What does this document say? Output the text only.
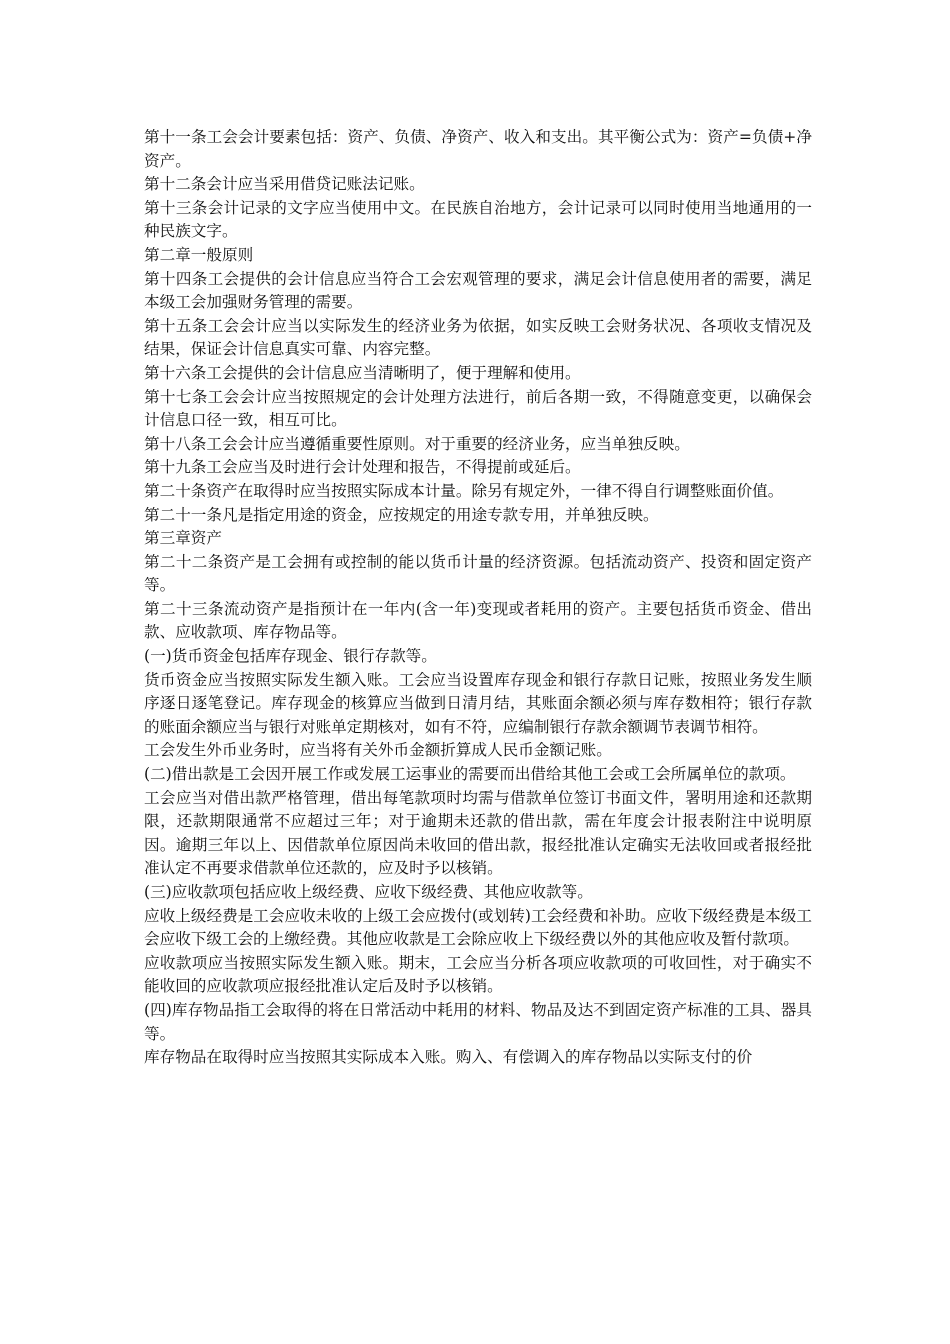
第十一条工会会计要素包括：资产、负债、净资产、收入和支出。其平衡公式为：资产=负债+净资产。

第十二条会计应当采用借贷记账法记账。

第十三条会计记录的文字应当使用中文。在民族自治地方，会计记录可以同时使用当地通用的一种民族文字。

第二章一般原则

第十四条工会提供的会计信息应当符合工会宏观管理的要求，满足会计信息使用者的需要，满足本级工会加强财务管理的需要。

第十五条工会会计应当以实际发生的经济业务为依据，如实反映工会财务状况、各项收支情况及结果，保证会计信息真实可靠、内容完整。

第十六条工会提供的会计信息应当清晰明了，便于理解和使用。

第十七条工会会计应当按照规定的会计处理方法进行，前后各期一致，不得随意变更，以确保会计信息口径一致，相互可比。

第十八条工会会计应当遵循重要性原则。对于重要的经济业务，应当单独反映。

第十九条工会应当及时进行会计处理和报告，不得提前或延后。

第二十条资产在取得时应当按照实际成本计量。除另有规定外，一律不得自行调整账面价值。

第二十一条凡是指定用途的资金，应按规定的用途专款专用，并单独反映。

第三章资产

第二十二条资产是工会拥有或控制的能以货币计量的经济资源。包括流动资产、投资和固定资产等。

第二十三条流动资产是指预计在一年内(含一年)变现或者耗用的资产。主要包括货币资金、借出款、应收款项、库存物品等。

(一)货币资金包括库存现金、银行存款等。

货币资金应当按照实际发生额入账。工会应当设置库存现金和银行存款日记账，按照业务发生顺序逐日逐笔登记。库存现金的核算应当做到日清月结，其账面余额必须与库存数相符；银行存款的账面余额应当与银行对账单定期核对，如有不符，应编制银行存款余额调节表调节相符。

工会发生外币业务时，应当将有关外币金额折算成人民币金额记账。

(二)借出款是工会因开展工作或发展工运事业的需要而出借给其他工会或工会所属单位的款项。

工会应当对借出款严格管理，借出每笔款项时均需与借款单位签订书面文件，署明用途和还款期限，还款期限通常不应超过三年；对于逾期未还款的借出款，需在年度会计报表附注中说明原因。逾期三年以上、因借款单位原因尚未收回的借出款，报经批准认定确实无法收回或者报经批准认定不再要求借款单位还款的，应及时予以核销。

(三)应收款项包括应收上级经费、应收下级经费、其他应收款等。

应收上级经费是工会应收未收的上级工会应拨付(或划转)工会经费和补助。应收下级经费是本级工会应收下级工会的上缴经费。其他应收款是工会除应收上下级经费以外的其他应收及暂付款项。

应收款项应当按照实际发生额入账。期末，工会应当分析各项应收款项的可收回性，对于确实不能收回的应收款项应报经批准认定后及时予以核销。

(四)库存物品指工会取得的将在日常活动中耗用的材料、物品及达不到固定资产标准的工具、器具等。

库存物品在取得时应当按照其实际成本入账。购入、有偿调入的库存物品以实际支付的价
